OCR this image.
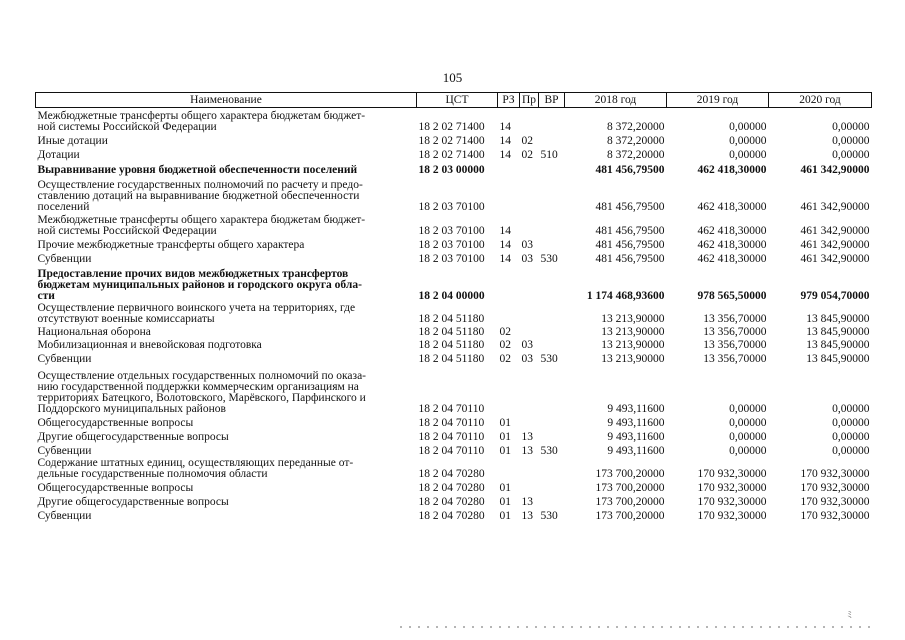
105
Наименование	ЦСТ	РЗ	Пр	ВР	2018 год	2019 год	2020 год
Межбюджетные трансферты общего характера бюджетам бюджет-
ной системы Российской Федерации	18 2 02 71400	14			8 372,20000	0,00000	0,00000
Иные дотации	18 2 02 71400	14	02		8 372,20000	0,00000	0,00000
Дотации	18 2 02 71400	14	02	510	8 372,20000	0,00000	0,00000
Выравнивание уровня бюджетной обеспеченности поселений	18 2 03 00000				481 456,79500	462 418,30000	461 342,90000
Осуществление государственных полномочий по расчету и предо-
ставлению дотаций на выравнивание бюджетной обеспеченности
поселений	18 2 03 70100				481 456,79500	462 418,30000	461 342,90000
Межбюджетные трансферты общего характера бюджетам бюджет-
ной системы Российской Федерации	18 2 03 70100	14			481 456,79500	462 418,30000	461 342,90000
Прочие межбюджетные трансферты общего характера	18 2 03 70100	14	03		481 456,79500	462 418,30000	461 342,90000
Субвенции	18 2 03 70100	14	03	530	481 456,79500	462 418,30000	461 342,90000
Предоставление прочих видов межбюджетных трансфертов
бюджетам муниципальных районов и городского округа обла-
сти	18 2 04 00000				1 174 468,93600	978 565,50000	979 054,70000
Осуществление первичного воинского учета на территориях, где
отсутствуют военные комиссариаты	18 2 04 51180				13 213,90000	13 356,70000	13 845,90000
Национальная оборона	18 2 04 51180	02			13 213,90000	13 356,70000	13 845,90000
Мобилизационная и вневойсковая подготовка	18 2 04 51180	02	03		13 213,90000	13 356,70000	13 845,90000
Субвенции	18 2 04 51180	02	03	530	13 213,90000	13 356,70000	13 845,90000
Осуществление отдельных государственных полномочий по оказа-
нию государственной поддержки коммерческим организациям на
территориях Батецкого, Волотовского, Марёвского, Парфинского и
Поддорского муниципальных районов	18 2 04 70110				9 493,11600	0,00000	0,00000
Общегосударственные вопросы	18 2 04 70110	01			9 493,11600	0,00000	0,00000
Другие общегосударственные вопросы	18 2 04 70110	01	13		9 493,11600	0,00000	0,00000
Субвенции	18 2 04 70110	01	13	530	9 493,11600	0,00000	0,00000
Содержание штатных единиц, осуществляющих переданные от-
дельные государственные полномочия области	18 2 04 70280				173 700,20000	170 932,30000	170 932,30000
Общегосударственные вопросы	18 2 04 70280	01			173 700,20000	170 932,30000	170 932,30000
Другие общегосударственные вопросы	18 2 04 70280	01	13		173 700,20000	170 932,30000	170 932,30000
Субвенции	18 2 04 70280	01	13	530	173 700,20000	170 932,30000	170 932,30000
ﾐ
